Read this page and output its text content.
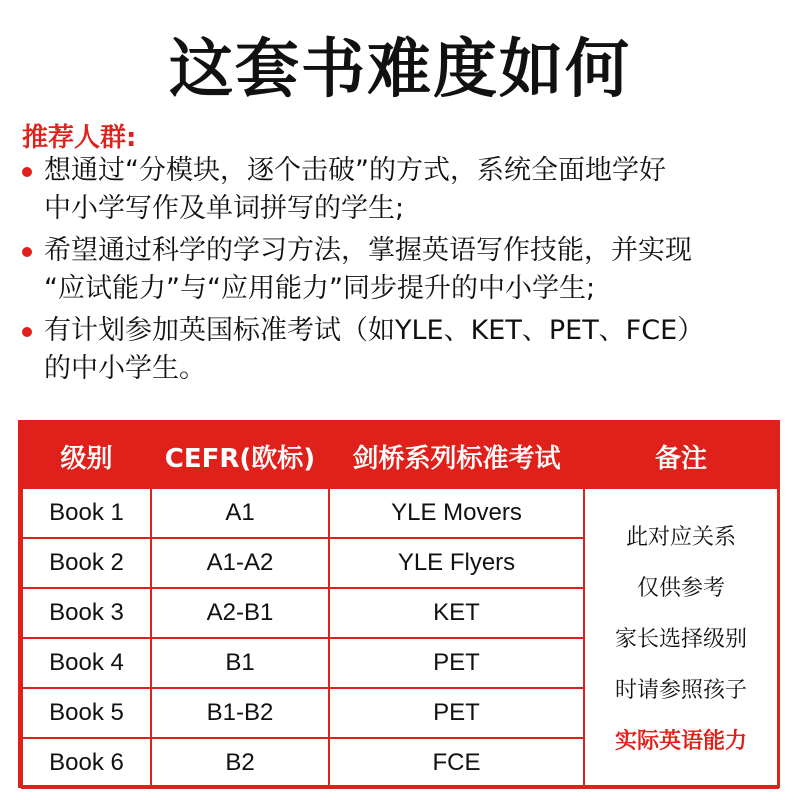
这套书难度如何
推荐人群:
想通过“分模块，逐个击破”的方式，系统全面地学好
中小学写作及单词拼写的学生;
希望通过科学的学习方法，掌握英语写作技能，并实现
“应试能力”与“应用能力”同步提升的中小学生;
有计划参加英国标准考试（如YLE、KET、PET、FCE）
的中小学生。
级别	CEFR(欧标)	剑桥系列标准考试	备注
Book 1	A1	YLE Movers	此对应关系
仅供参考
家长选择级别
时请参照孩子
实际英语能力

Book 2	A1-A2	YLE Flyers	
Book 3	A2-B1	KET	
Book 4	B1	PET	
Book 5	B1-B2	PET	
Book 6	B2	FCE	
